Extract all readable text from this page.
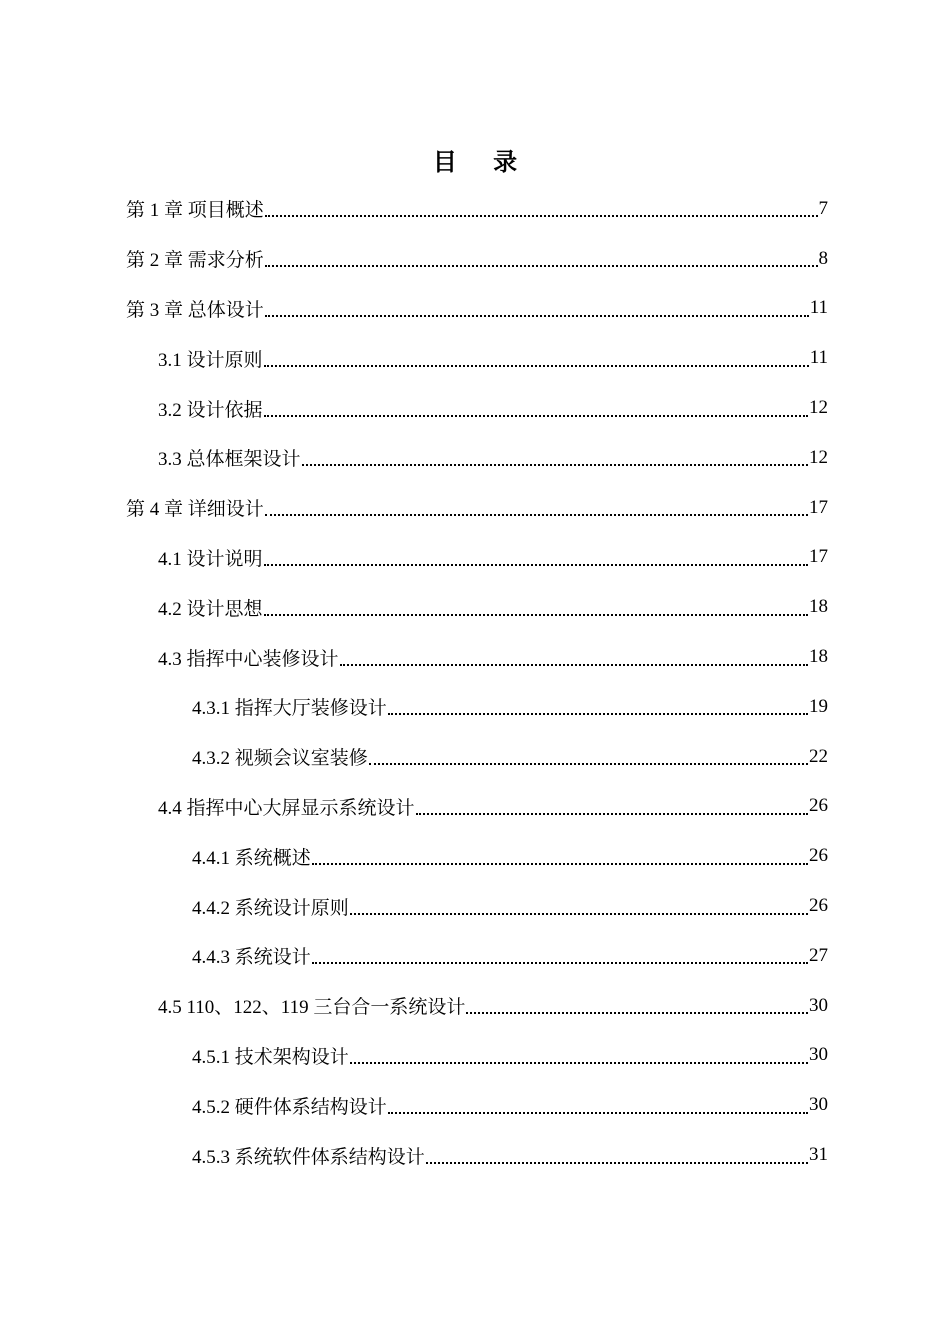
目 录
第 1 章 项目概述	7
第 2 章 需求分析	8
第 3 章 总体设计	11
3.1 设计原则	11
3.2 设计依据	12
3.3 总体框架设计	12
第 4 章 详细设计	17
4.1 设计说明	17
4.2 设计思想	18
4.3 指挥中心装修设计	18
4.3.1 指挥大厅装修设计	19
4.3.2 视频会议室装修	22
4.4 指挥中心大屏显示系统设计	26
4.4.1 系统概述	26
4.4.2 系统设计原则	26
4.4.3 系统设计	27
4.5 110、122、119 三台合一系统设计	30
4.5.1 技术架构设计	30
4.5.2 硬件体系结构设计	30
4.5.3 系统软件体系结构设计	31
